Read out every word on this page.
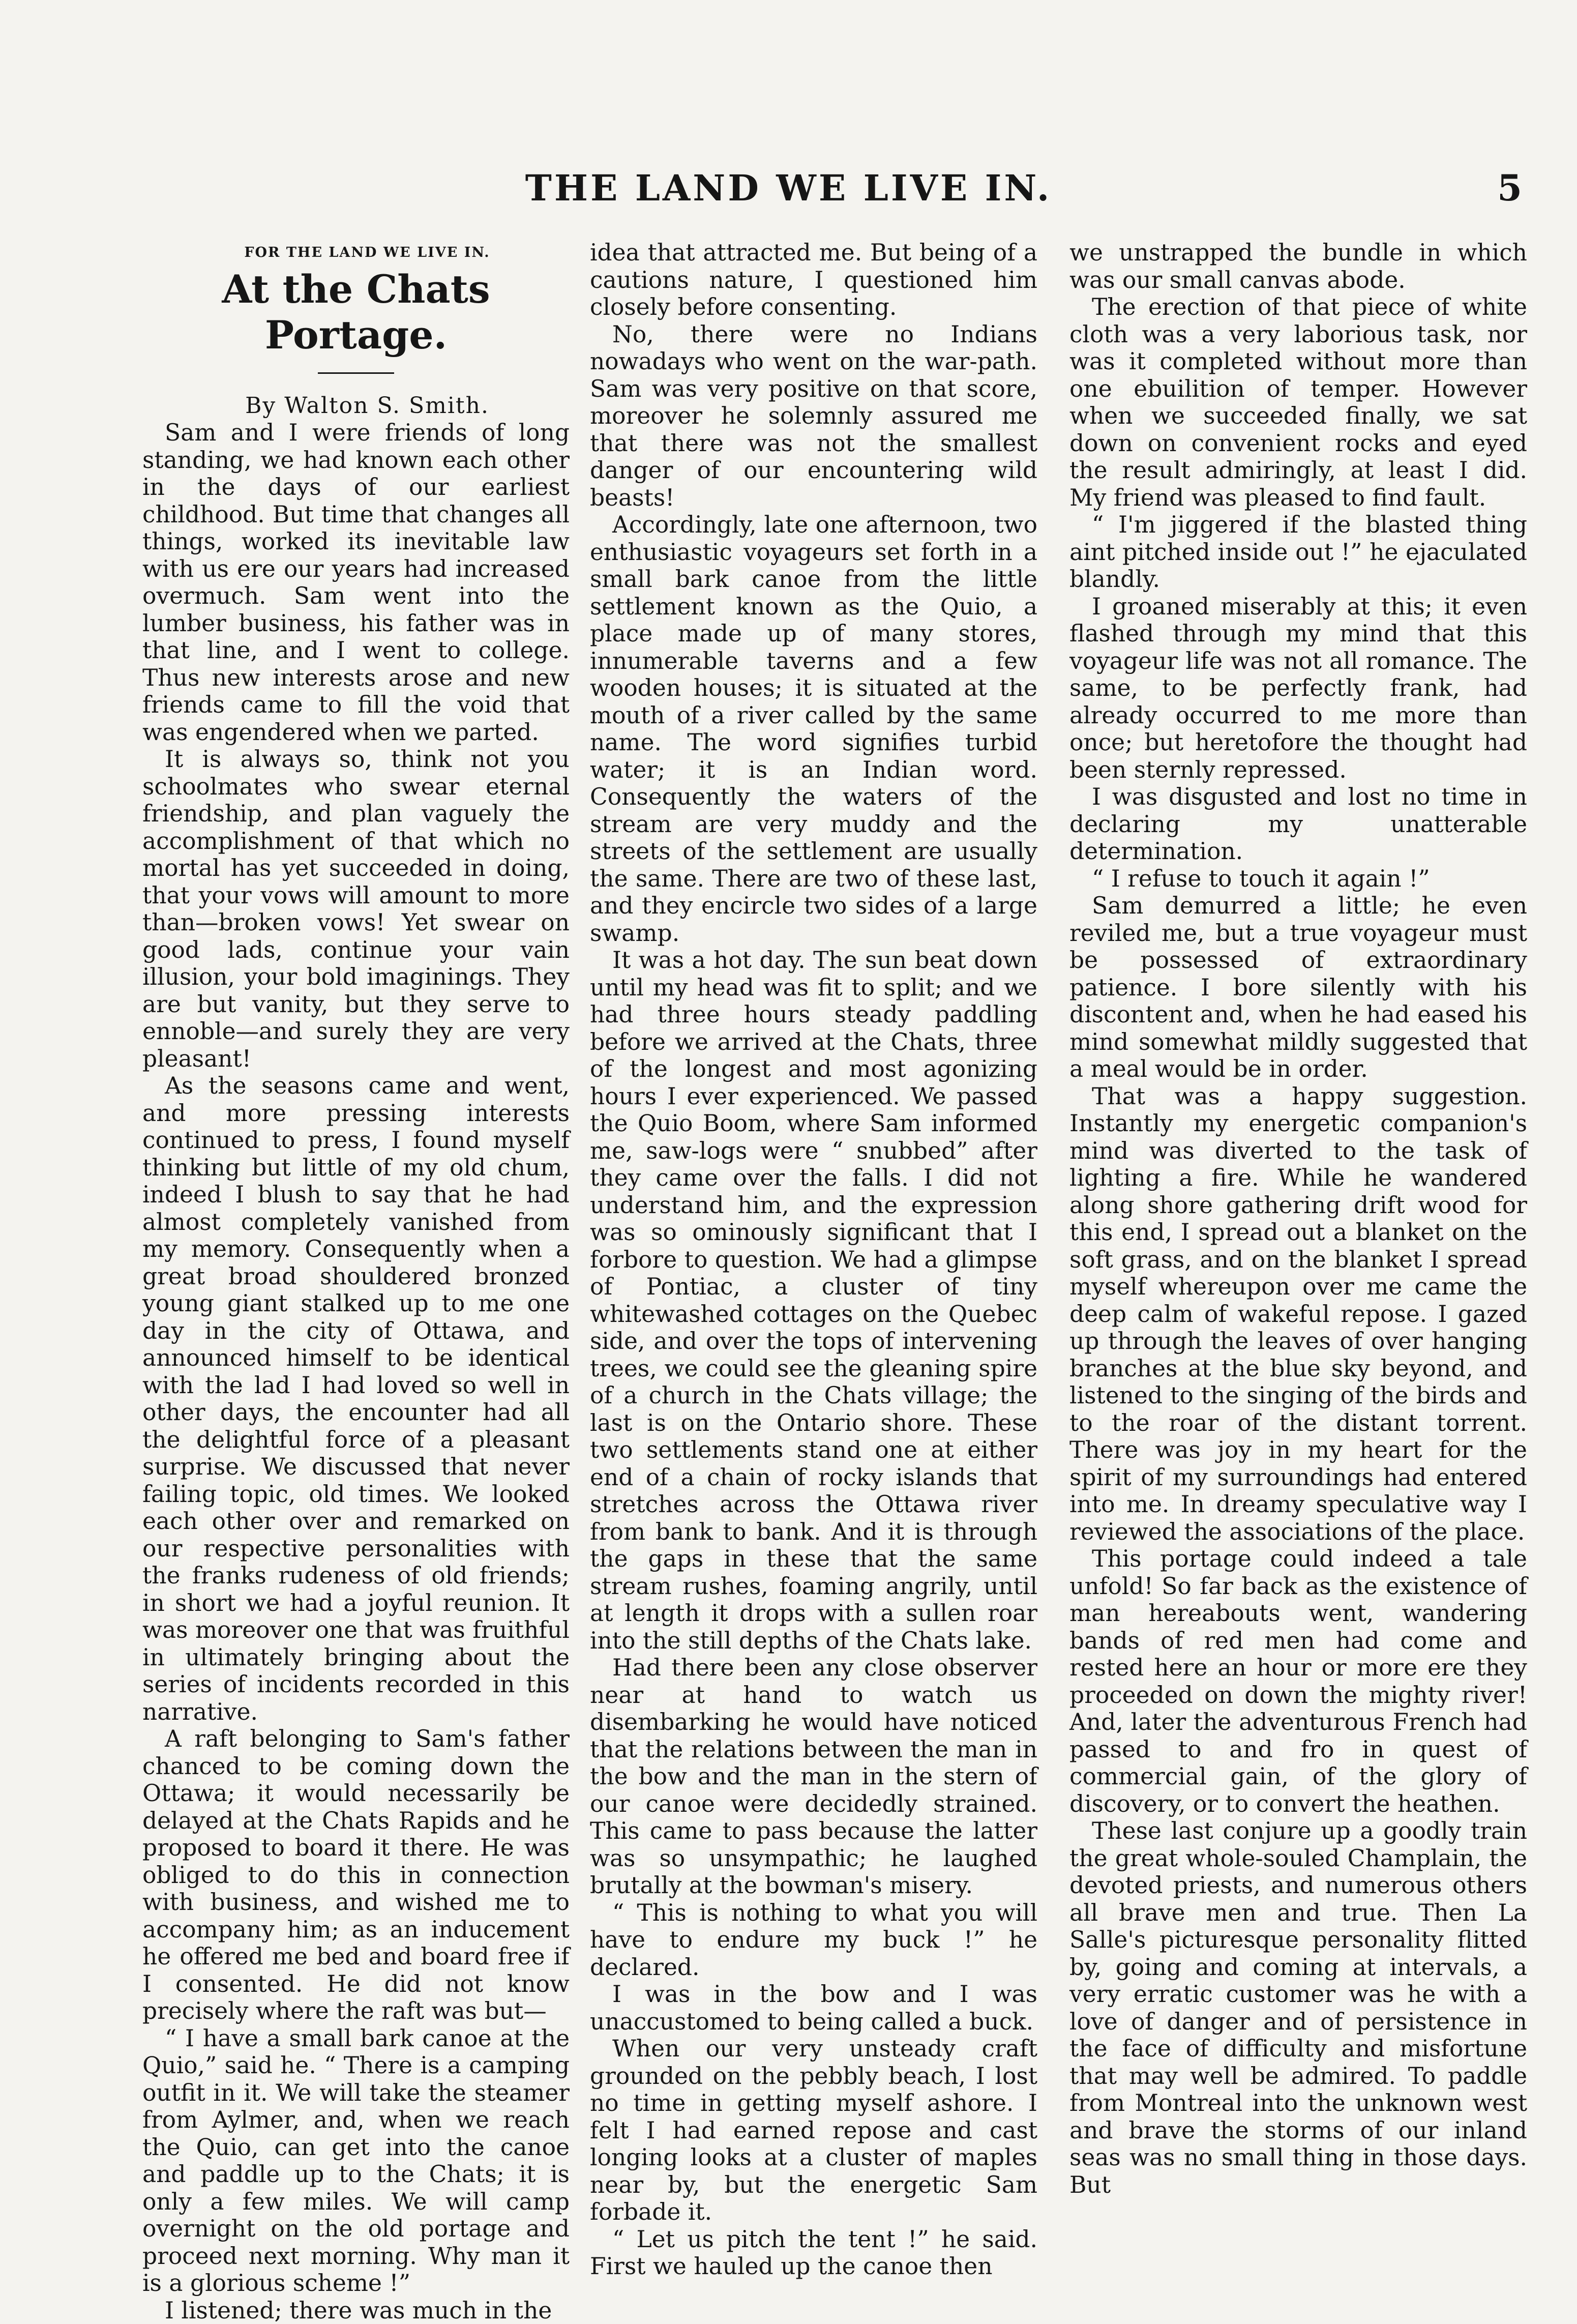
THE LAND WE LIVE IN.	5

FOR THE LAND WE LIVE IN.

At the Chats Portage.

By Walton S. Smith.

Sam and I were friends of long standing, we had known each other in the days of our earliest childhood. But time that changes all things, worked its inevitable law with us ere our years had increased overmuch. Sam went into the lumber business, his father was in that line, and I went to college. Thus new interests arose and new friends came to fill the void that was engendered when we parted.

It is always so, think not you schoolmates who swear eternal friendship, and plan vaguely the accomplishment of that which no mortal has yet succeeded in doing, that your vows will amount to more than—broken vows! Yet swear on good lads, continue your vain illusion, your bold imaginings. They are but vanity, but they serve to ennoble—and surely they are very pleasant!

As the seasons came and went, and more pressing interests continued to press, I found myself thinking but little of my old chum, indeed I blush to say that he had almost completely vanished from my memory. Consequently when a great broad shouldered bronzed young giant stalked up to me one day in the city of Ottawa, and announced himself to be identical with the lad I had loved so well in other days, the encounter had all the delightful force of a pleasant surprise. We discussed that never failing topic, old times. We looked each other over and remarked on our respective personalities with the franks rudeness of old friends; in short we had a joyful reunion. It was moreover one that was fruithful in ultimately bringing about the series of incidents recorded in this narrative.

A raft belonging to Sam's father chanced to be coming down the Ottawa; it would necessarily be delayed at the Chats Rapids and he proposed to board it there. He was obliged to do this in connection with business, and wished me to accompany him; as an inducement he offered me bed and board free if I consented. He did not know precisely where the raft was but—

“ I have a small bark canoe at the Quio,” said he. “ There is a camping outfit in it. We will take the steamer from Aylmer, and, when we reach the Quio, can get into the canoe and paddle up to the Chats; it is only a few miles. We will camp overnight on the old portage and proceed next morning. Why man it is a glorious scheme !”

I listened; there was much in the

idea that attracted me. But being of a cautions nature, I questioned him closely before consenting.

No, there were no Indians nowadays who went on the war-path. Sam was very positive on that score, moreover he solemnly assured me that there was not the smallest danger of our encountering wild beasts!

Accordingly, late one afternoon, two enthusiastic voyageurs set forth in a small bark canoe from the little settlement known as the Quio, a place made up of many stores, innumerable taverns and a few wooden houses; it is situated at the mouth of a river called by the same name. The word signifies turbid water; it is an Indian word. Consequently the waters of the stream are very muddy and the streets of the settlement are usually the same. There are two of these last, and they encircle two sides of a large swamp.

It was a hot day. The sun beat down until my head was fit to split; and we had three hours steady paddling before we arrived at the Chats, three of the longest and most agonizing hours I ever experienced. We passed the Quio Boom, where Sam informed me, saw-logs were “ snubbed” after they came over the falls. I did not understand him, and the expression was so ominously significant that I forbore to question. We had a glimpse of Pontiac, a cluster of tiny whitewashed cottages on the Quebec side, and over the tops of intervening trees, we could see the gleaning spire of a church in the Chats village; the last is on the Ontario shore. These two settlements stand one at either end of a chain of rocky islands that stretches across the Ottawa river from bank to bank. And it is through the gaps in these that the same stream rushes, foaming angrily, until at length it drops with a sullen roar into the still depths of the Chats lake.

Had there been any close observer near at hand to watch us disembarking he would have noticed that the relations between the man in the bow and the man in the stern of our canoe were decidedly strained. This came to pass because the latter was so unsympathic; he laughed brutally at the bowman's misery.

“ This is nothing to what you will have to endure my buck !” he declared.

I was in the bow and I was unaccustomed to being called a buck.

When our very unsteady craft grounded on the pebbly beach, I lost no time in getting myself ashore. I felt I had earned repose and cast longing looks at a cluster of maples near by, but the energetic Sam forbade it.

“ Let us pitch the tent !” he said. First we hauled up the canoe then

we unstrapped the bundle in which was our small canvas abode.

The erection of that piece of white cloth was a very laborious task, nor was it completed without more than one ebuilition of temper. However when we succeeded finally, we sat down on convenient rocks and eyed the result admiringly, at least I did. My friend was pleased to find fault.

“ I'm jiggered if the blasted thing aint pitched inside out !” he ejaculated blandly.

I groaned miserably at this; it even flashed through my mind that this voyageur life was not all romance. The same, to be perfectly frank, had already occurred to me more than once; but heretofore the thought had been sternly repressed.

I was disgusted and lost no time in declaring my unatterable determination.

“ I refuse to touch it again !”

Sam demurred a little; he even reviled me, but a true voyageur must be possessed of extraordinary patience. I bore silently with his discontent and, when he had eased his mind somewhat mildly suggested that a meal would be in order.

That was a happy suggestion. Instantly my energetic companion's mind was diverted to the task of lighting a fire. While he wandered along shore gathering drift wood for this end, I spread out a blanket on the soft grass, and on the blanket I spread myself whereupon over me came the deep calm of wakeful repose. I gazed up through the leaves of over hanging branches at the blue sky beyond, and listened to the singing of the birds and to the roar of the distant torrent. There was joy in my heart for the spirit of my surroundings had entered into me. In dreamy speculative way I reviewed the associations of the place.

This portage could indeed a tale unfold! So far back as the existence of man hereabouts went, wandering bands of red men had come and rested here an hour or more ere they proceeded on down the mighty river! And, later the adventurous French had passed to and fro in quest of commercial gain, of the glory of discovery, or to convert the heathen.

These last conjure up a goodly train the great whole-souled Champlain, the devoted priests, and numerous others all brave men and true. Then La Salle's picturesque personality flitted by, going and coming at intervals, a very erratic customer was he with a love of danger and of persistence in the face of difficulty and misfortune that may well be admired. To paddle from Montreal into the unknown west and brave the storms of our inland seas was no small thing in those days. But
